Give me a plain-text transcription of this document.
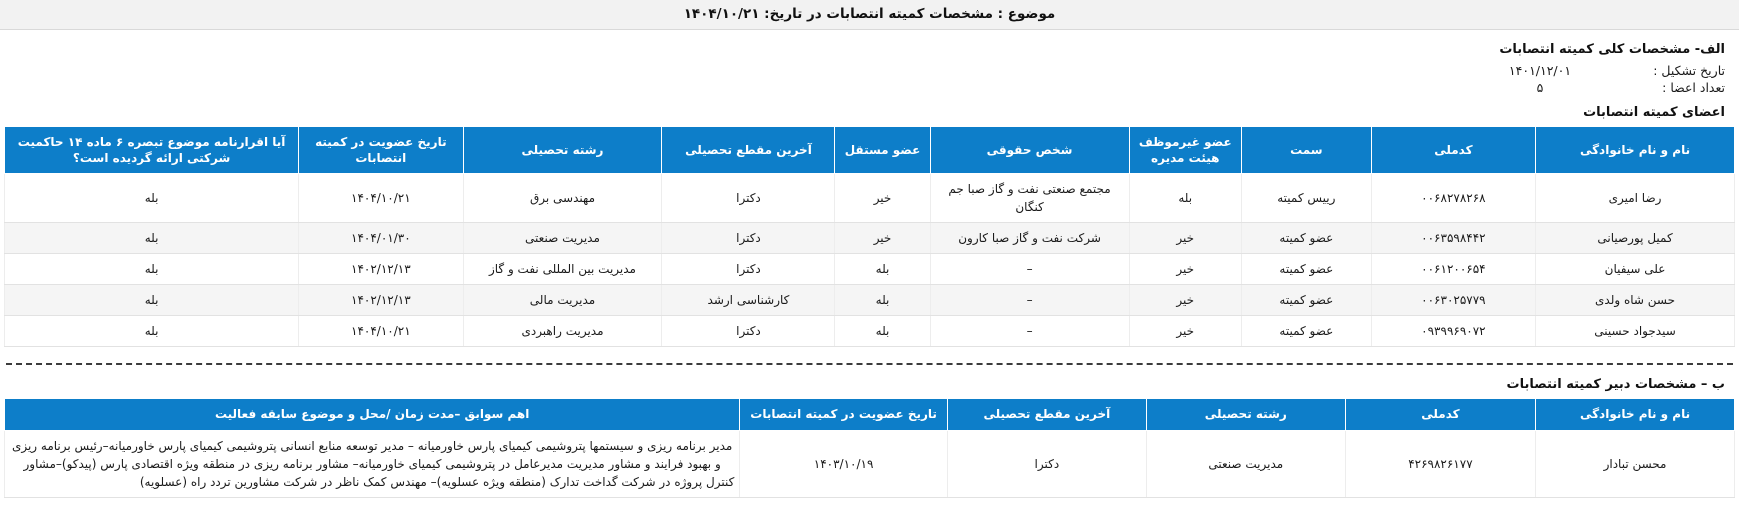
موضوع : مشخصات کمیته انتصابات در تاریخ: ۱۴۰۴/۱۰/۲۱
الف- مشخصات کلی کمیته انتصابات
تاریخ تشکیل :
۱۴۰۱/۱۲/۰۱
تعداد اعضا :
۵
اعضای کمیته انتصابات
نام و نام خانوادگی	کدملی	سمت	عضو غیرموظف هیئت مدیره	شخص حقوقی	عضو مستقل	آخرین مقطع تحصیلی	رشته تحصیلی	تاریخ عضویت در کمیته انتصابات	آیا اقرارنامه موضوع تبصره ۶ ماده ۱۴ حاکمیت شرکتی ارائه گردیده است؟
رضا امیری	۰۰۶۸۲۷۸۲۶۸	رییس کمیته	بله	مجتمع صنعتی نفت و گاز صبا جم کنگان	خیر	دکترا	مهندسی برق	۱۴۰۴/۱۰/۲۱	بله
کمیل پورصیانی	۰۰۶۳۵۹۸۴۴۲	عضو کمیته	خیر	شرکت نفت و گاز صبا کارون	خیر	دکترا	مدیریت صنعتی	۱۴۰۴/۰۱/۳۰	بله
علی سیفیان	۰۰۶۱۲۰۰۶۵۴	عضو کمیته	خیر	–	بله	دکترا	مدیریت بین المللی نفت و گاز	۱۴۰۲/۱۲/۱۳	بله
حسن شاه ولدی	۰۰۶۳۰۲۵۷۷۹	عضو کمیته	خیر	–	بله	کارشناسی ارشد	مدیریت مالی	۱۴۰۲/۱۲/۱۳	بله
سیدجواد حسینی	۰۹۳۹۹۶۹۰۷۲	عضو کمیته	خیر	–	بله	دکترا	مدیریت راهبردی	۱۴۰۴/۱۰/۲۱	بله
ب – مشخصات دبیر کمیته انتصابات
نام و نام خانوادگی	کدملی	رشته تحصیلی	آخرین مقطع تحصیلی	تاریخ عضویت در کمیته انتصابات	اهم سوابق –مدت زمان /محل و موضوع سابقه فعالیت
محسن تبادار	۴۲۶۹۸۲۶۱۷۷	مدیریت صنعتی	دکترا	۱۴۰۳/۱۰/۱۹	مدیر برنامه ریزی و سیستمها پتروشیمی کیمیای پارس خاورمیانه – مدیر توسعه منابع انسانی پتروشیمی کیمیای پارس خاورمیانه–رئیس برنامه ریزی و بهبود فرایند و مشاور مدیریت مدیرعامل در پتروشیمی کیمیای خاورمیانه– مشاور برنامه ریزی در منطقه ویژه اقتصادی پارس (پیدکو)–مشاور کنترل پروژه در شرکت گداخت تدارک (منطقه ویژه عسلویه)– مهندس کمک ناظر در شرکت مشاورین تردد راه (عسلویه)
